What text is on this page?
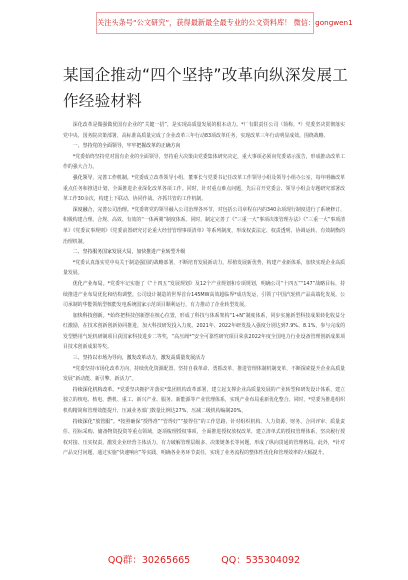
关注头条号“公文研究”，获得最新最全最专业的公文资料库！ 微信：gongwen1
某国企推动“四个坚持”改革向纵深发展工作经验材料

深化改革是做强做优国有企业的“关键一招”，是实现高质量发展的根本动力。*厂有限责任公司（简称，*）党委坚决贯彻落实党中央、国务院决策部署，高标准高质量完成了企业改革三年行动83项改革任务，实现改革三年行动明显成效。围绕战略、

一、坚持党的全面领导，牢牢把握改革的正确方向

*党委始终坚持党对国有企业的全面领导，坚持重大决策由党委集体研究决定，重大事项必须向党委请示报告，形成推动改革工作的强大合力。

强化领导，完善工作机制。*党委成立改革领导小组，董事长与党委书记任改革工作领导小组及领导小组办公室，每年明确改革重点任务和推进计划，全面推进企业深化改革各项工作。同时，针对重点难点问题，先后召开党委会、领导小组会专题研究部署改革工作30余次，构建上下联动、协同作战、齐抓共管的工作机制。

深度融合，完善公司治理。*党委将党的领导融入公司治理各环节，对包括公司章程在内的340余项现行制度进行了系统修订，积极构建合理、合规、高效、有效的“一体两翼”制度体系。同时，制定完善了《“三重一大”事项决策管理办法》《“三重一大”事项清单》《党委议事规则》《党委前置研究讨论重大经营管理事项清单》等系列制度，形成权责法定、权责透明、协调运转、有效制衡的治理机制。

二、坚持服务国家发展大局，加快推进产业转型升级

*党委认真落实党中央关于制造强国的战略部署，不断培育发展新动力，厚植发展新优势，构建产业新体系，加快实现企业高质量发展。

优化产业布局。*党委牢记实施了《“十四五”发展规划》及12个产业规划和专项规划，明确公司“十四五”“147”战略目标，持续推进产业布局优化和结构调整。公司设计制造的世界首台145MW高效超临界*成功发运，引领了中国汽轮机产品高端化发展。公司承制的华能领航型核能发电系统国家示范项目顺利运行，有力推动了企业转型发展。

加快科技创新。*始终把科技创新摆在核心位置，形成了科技与体系架构“1+N”制度体系，同步实施新型科技成果转化收益分红激励，在技术创新创新协同推进，加大科技研发投入力度。2021年、2022年研发投入强度分别达到7.9%、8.1%，参与完成的发型燃用气轮机研制项目获国家科技进步二等奖，“高压阀*”安全可靠性研究项目荣获2022年度全国电力行业设备管理创新成果项目技术创新成果等奖。

三、坚持以市场为导向，激发改革动力，激发高质量发展活力

*党委坚持市场化改革方向，持续优化资源配置，坚持自我革命、勇抓改革，推进管理体制机制变革，不断探索提升企业高质量发展“新动能、新引擎、新活力”。

持续深化机构改革。*党委坚决拥护并落实*集团机构改革部署，建立起支撑企业高质量发展的产业转型和研发设计体系，建立独立的核电、核电、燃机、重工、新兴产业、服务、新能源等产业管理体系，实现产业布局重新优化整合。同时，*党委为推进组织机构精简和管理效能提升，压减业务部门数量比例达27%，压减二级机构编制20%。

持续深化“放管服”。*按照确保“授得准”“管得好”“接得住”的工作思路，针对组织机构、人力资源、财务、合同评审、质量责任、招标采购、储备物资投资等重点领域，逐项梳理授权事项，全面推进授权放权改革，建立清单式的授权管理体系，坚决履行授权对接、压实权责，激发企业经营主体活力，有力破解管理层级多、决策链条长等问题，形成了纵向贯通的管理格局。此外，*针对产品交付问题，通过实施“快速响应”等实践，明确各业务环节责任，实现了业务流程的整体性优化和管理效率的大幅提升。

QQ群：30265665	QQ：535304092
